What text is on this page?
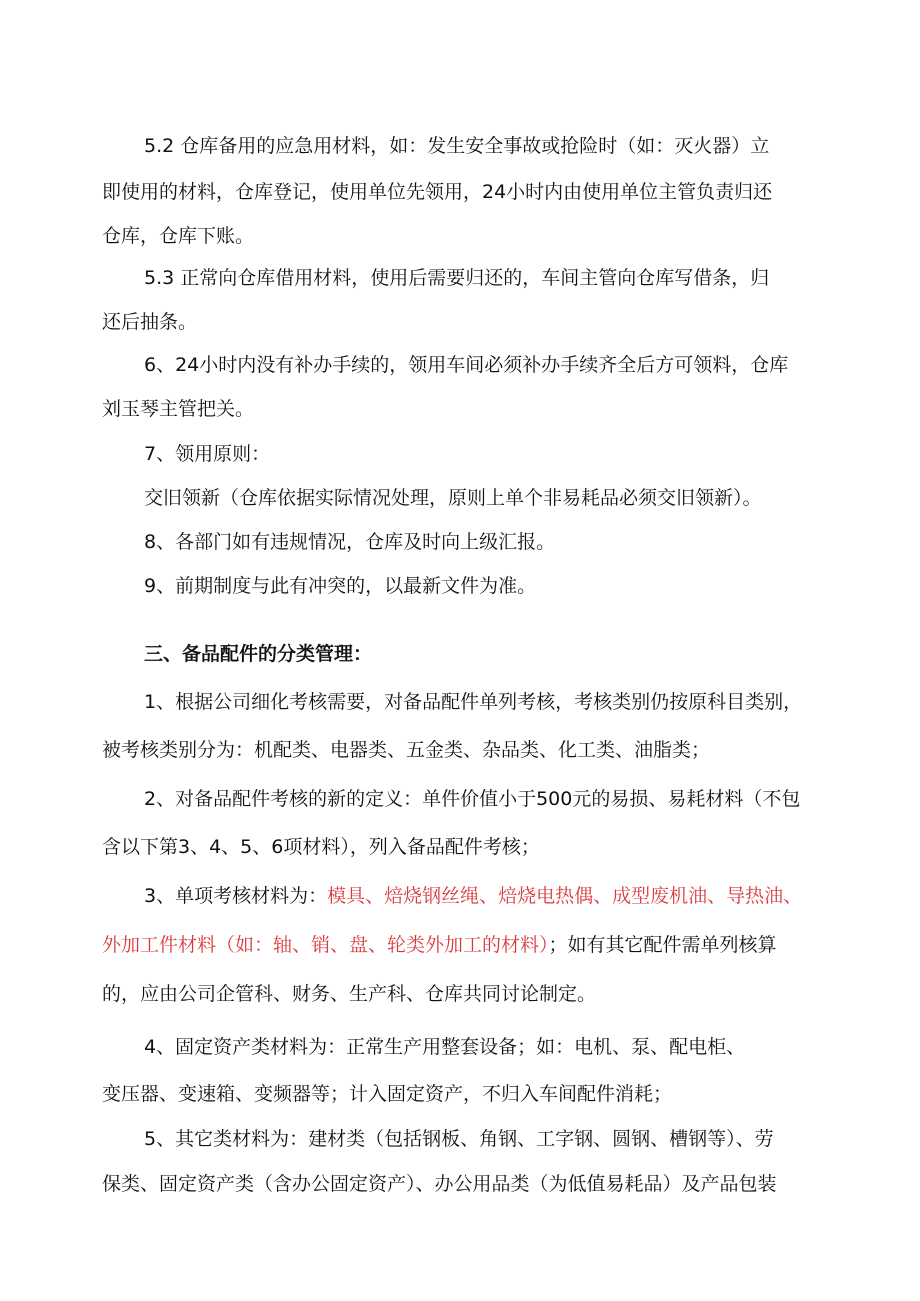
5.2 仓库备用的应急用材料，如：发生安全事故或抢险时（如：灭火器）立
即使用的材料，仓库登记，使用单位先领用，24小时内由使用单位主管负责归还
仓库，仓库下账。
5.3 正常向仓库借用材料，使用后需要归还的，车间主管向仓库写借条，归
还后抽条。
6、24小时内没有补办手续的，领用车间必须补办手续齐全后方可领料，仓库
刘玉琴主管把关。
7、领用原则：
交旧领新（仓库依据实际情况处理，原则上单个非易耗品必须交旧领新）。
8、各部门如有违规情况，仓库及时向上级汇报。
9、前期制度与此有冲突的，以最新文件为准。
三、备品配件的分类管理：
1、根据公司细化考核需要，对备品配件单列考核，考核类别仍按原科目类别，
被考核类别分为：机配类、电器类、五金类、杂品类、化工类、油脂类；
2、对备品配件考核的新的定义：单件价值小于500元的易损、易耗材料（不包
含以下第3、4、5、6项材料），列入备品配件考核；
3、单项考核材料为：模具、焙烧钢丝绳、焙烧电热偶、成型废机油、导热油、
外加工件材料（如：轴、销、盘、轮类外加工的材料）；如有其它配件需单列核算
的，应由公司企管科、财务、生产科、仓库共同讨论制定。
4、固定资产类材料为：正常生产用整套设备；如：电机、泵、配电柜、
变压器、变速箱、变频器等；计入固定资产，不归入车间配件消耗；
5、其它类材料为：建材类（包括钢板、角钢、工字钢、圆钢、槽钢等）、劳
保类、固定资产类（含办公固定资产）、办公用品类（为低值易耗品）及产品包装
